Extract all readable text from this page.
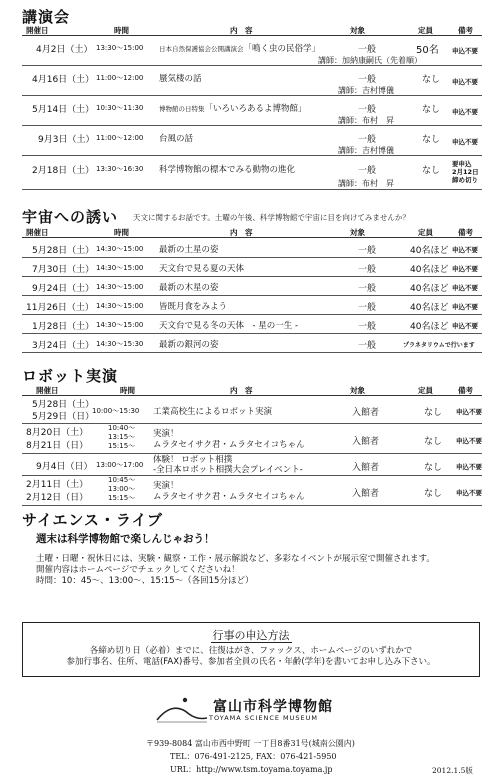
講演会
開催日	時間	内　容	対象	定員	備考
4月2日（土） 13:30～15:00 日本自然保護協会公開講演会「鳴く虫の民俗学」	一般	50名 申込不要
講師：加納康嗣氏（先着順）
4月16日（土） 11:00～12:00 蜃気楼の話	一般	なし 申込不要
講師：吉村博儀
5月14日（土） 10:30～11:30 博物館の日特集「いろいろあるよ博物館」	一般	なし 申込不要
講師：布村　昇
9月3日（土） 11:00～12:00 台風の話	一般	なし 申込不要
講師：吉村博儀
2月18日（土） 13:30～16:30 科学博物館の標本でみる動物の進化	一般	なし
要申込
2月12日
締め切り
講師：布村　昇
宇宙への誘い 天文に関するお話です。土曜の午後、科学博物館で宇宙に目を向けてみませんか？
開催日	時間	内　容	対象	定員	備考
5月28日（土） 14:30～15:00 最新の土星の姿	一般	40名ほど 申込不要
7月30日（土） 14:30～15:00 天文台で見る夏の天体	一般	40名ほど 申込不要
9月24日（土） 14:30～15:00 最新の木星の姿	一般	40名ほど 申込不要
11月26日（土） 14:30～15:00 皆既月食をみよう	一般	40名ほど 申込不要
1月28日（土） 14:30～15:00 天文台で見る冬の天体　- 星の一生 -	一般	40名ほど 申込不要
3月24日（土） 14:30～15:30 最新の銀河の姿	一般	プラネタリウムで行います
ロボット実演
開催日	時間	内　容	対象	定員	備考
5月28日（土）
5月29日（日）
10:00～15:30 工業高校生によるロボット実演	入館者	なし 申込不要
8月20日（土）
8月21日（日）
10:40～
13:15～
15:15～
実演！
ムラタセイサク君・ムラタセイコちゃん	入館者	なし 申込不要
9月4日（日） 13:00～17:00 体験！ ロボット相撲
-全日本ロボット相撲大会プレイベント-	入館者	なし 申込不要
2月11日（土）
2月12日（日）
10:45～
13:00～
15:15～
実演！
ムラタセイサク君・ムラタセイコちゃん	入館者	なし 申込不要
サイエンス・ライブ
週末は科学博物館で楽しんじゃおう！
土曜・日曜・祝休日には、実験・観察・工作・展示解説など、多彩なイベントが展示室で開催されます。
開催内容はホームページでチェックしてくださいね！
時間：10：45～、13:00～、15:15～（各回15分ほど）
行事の申込方法
各締め切り日（必着）までに、往復はがき、ファックス、ホームページのいずれかで
参加行事名、住所、電話(FAX)番号、参加者全員の氏名・年齢(学年)を書いてお申し込み下さい。
富山市科学博物館
TOYAMA SCIENCE MUSEUM
〒939-8084 富山市西中野町 一丁目8番31号(城南公園内)
TEL：076-491-2125, FAX：076-421-5950
URL：http://www.tsm.toyama.toyama.jp	2012.1.5版
